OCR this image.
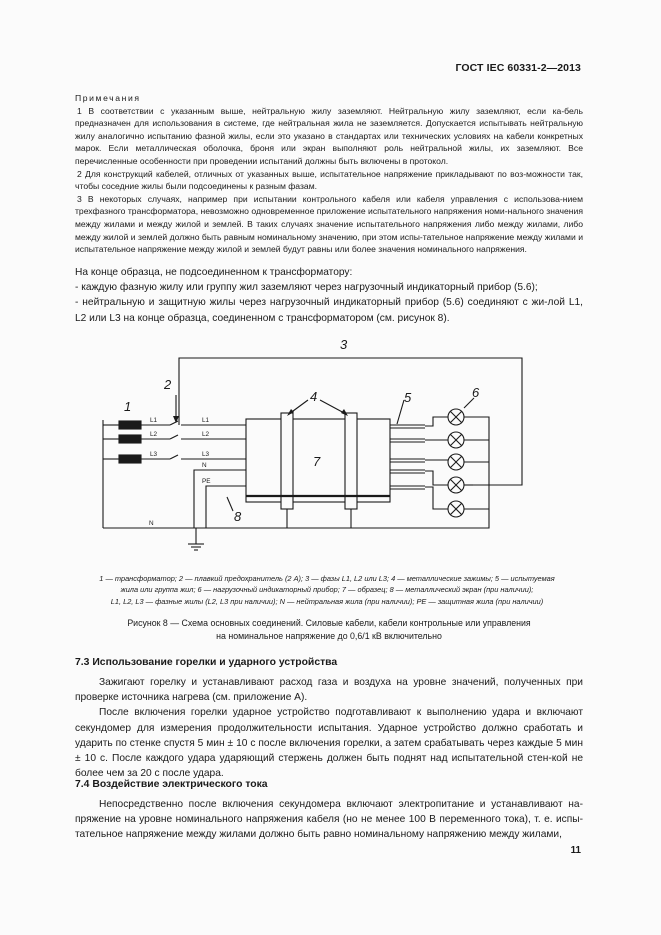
ГОСТ IEC 60331-2—2013

Примечания

1 В соответствии с указанным выше, нейтральную жилу заземляют. Нейтральную жилу заземляют, если ка-бель предназначен для использования в системе, где нейтральная жила не заземляется. Допускается испытывать нейтральную жилу аналогично испытанию фазной жилы, если это указано в стандартах или технических условиях на кабели конкретных марок. Если металлическая оболочка, броня или экран выполняют роль нейтральной жилы, их заземляют. Все перечисленные особенности при проведении испытаний должны быть включены в протокол.

2 Для конструкций кабелей, отличных от указанных выше, испытательное напряжение прикладывают по воз-можности так, чтобы соседние жилы были подсоединены к разным фазам.

3 В некоторых случаях, например при испытании контрольного кабеля или кабеля управления с использова-нием трехфазного трансформатора, невозможно одновременное приложение испытательного напряжения номи-нального значения между жилами и между жилой и землей. В таких случаях значение испытательного напряжения либо между жилами, либо между жилой и землей должно быть равным номинальному значению, при этом испы-тательное напряжение между жилами и испытательное напряжение между жилой и землей будут равны или более значения номинального напряжения.

На конце образца, не подсоединенном к трансформатору:

- каждую фазную жилу или группу жил заземляют через нагрузочный индикаторный прибор (5.6);

- нейтральную и защитную жилы через нагрузочный индикаторный прибор (5.6) соединяют с жи-лой L1, L2 или L3 на конце образца, соединенном с трансформатором (см. рисунок 8).

1
2
3
4	5	6
7
8
L1
L2
L3
L1
L2
L3
N
PE
N
1 — трансформатор; 2 — плавкий предохранитель (2 А); 3 — фазы L1, L2 или L3; 4 — металлические зажимы; 5 — испытуемая
жила или группа жил; 6 — нагрузочный индикаторный прибор; 7 — образец; 8 — металлический экран (при наличии);
L1, L2, L3 — фазные жилы (L2, L3 при наличии); N — нейтральная жила (при наличии); PE — защитная жила (при наличии)
Рисунок 8 — Схема основных соединений. Силовые кабели, кабели контрольные или управления
на номинальное напряжение до 0,6/1 кВ включительно
7.3 Использование горелки и ударного устройства

Зажигают горелку и устанавливают расход газа и воздуха на уровне значений, полученных при проверке источника нагрева (см. приложение А).

После включения горелки ударное устройство подготавливают к выполнению удара и включают секундомер для измерения продолжительности испытания. Ударное устройство должно сработать и ударить по стенке спустя 5 мин ± 10 с после включения горелки, а затем срабатывать через каждые 5 мин ± 10 с. После каждого удара ударяющий стержень должен быть поднят над испытательной стен-кой не более чем за 20 с после удара.

7.4 Воздействие электрического тока

Непосредственно после включения секундомера включают электропитание и устанавливают на-пряжение на уровне номинального напряжения кабеля (но не менее 100 В переменного тока), т. е. испы-тательное напряжение между жилами должно быть равно номинальному напряжению между жилами,

11
